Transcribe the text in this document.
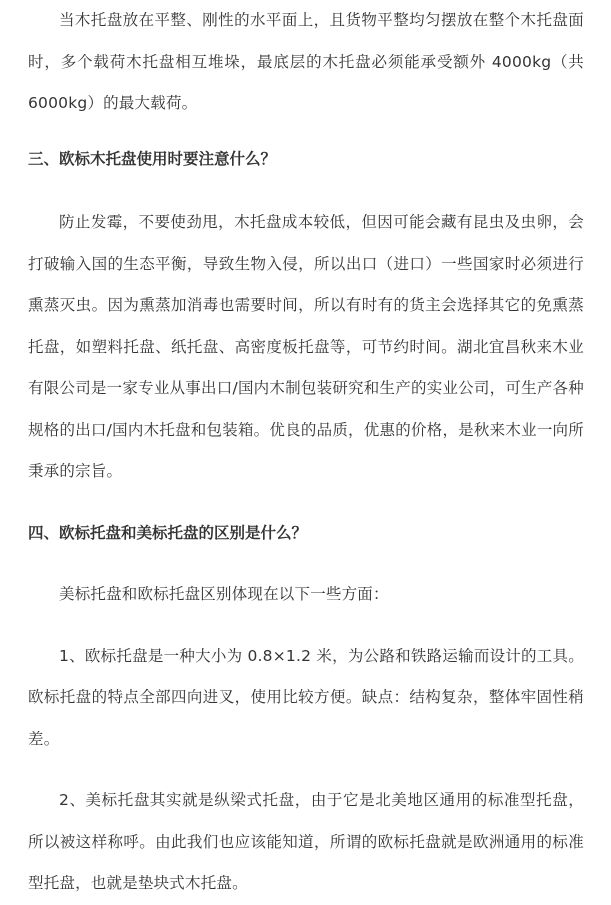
当木托盘放在平整、刚性的水平面上，且货物平整均匀摆放在整个木托盘面时，多个载荷木托盘相互堆垛，最底层的木托盘必须能承受额外 4000kg（共 6000kg）的最大载荷。

三、欧标木托盘使用时要注意什么？

防止发霉，不要使劲甩，木托盘成本较低，但因可能会藏有昆虫及虫卵，会打破输入国的生态平衡，导致生物入侵，所以出口（进口）一些国家时必须进行熏蒸灭虫。因为熏蒸加消毒也需要时间，所以有时有的货主会选择其它的免熏蒸托盘，如塑料托盘、纸托盘、高密度板托盘等，可节约时间。湖北宜昌秋来木业有限公司是一家专业从事出口/国内木制包装研究和生产的实业公司，可生产各种规格的出口/国内木托盘和包装箱。优良的品质，优惠的价格，是秋来木业一向所秉承的宗旨。

四、欧标托盘和美标托盘的区别是什么？

美标托盘和欧标托盘区别体现在以下一些方面：

1、欧标托盘是一种大小为 0.8×1.2 米，为公路和铁路运输而设计的工具。欧标托盘的特点全部四向进叉，使用比较方便。缺点：结构复杂，整体牢固性稍差。

2、美标托盘其实就是纵梁式托盘，由于它是北美地区通用的标准型托盘，所以被这样称呼。由此我们也应该能知道，所谓的欧标托盘就是欧洲通用的标准型托盘，也就是垫块式木托盘。
